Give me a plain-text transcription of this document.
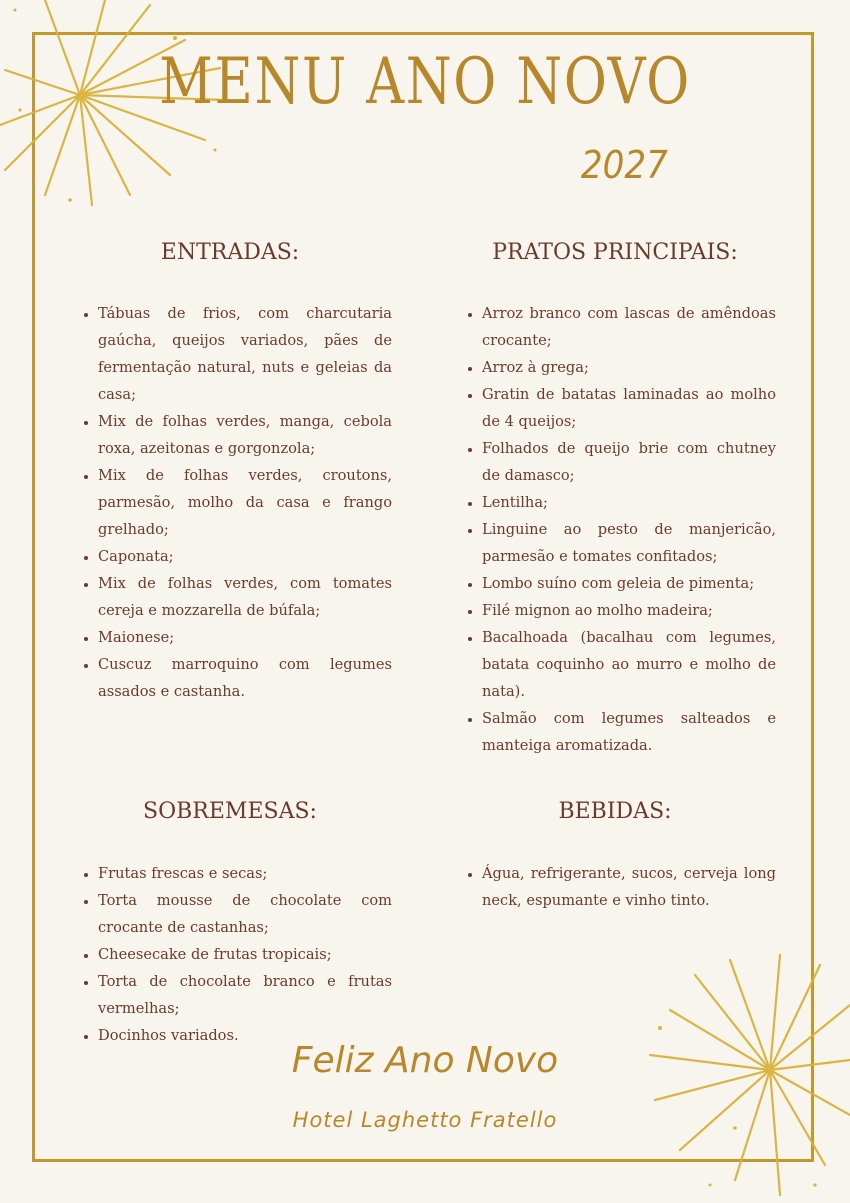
MENU ANO NOVO
2027
ENTRADAS:
• Tábuas de frios, com charcutaria gaúcha, queijos variados, pães de fermentação natural, nuts e geleias da casa;
• Mix de folhas verdes, manga, cebola roxa, azeitonas e gorgonzola;
• Mix de folhas verdes, croutons, parmesão, molho da casa e frango grelhado;
• Caponata;
• Mix de folhas verdes, com tomates cereja e mozzarella de búfala;
• Maionese;
• Cuscuz marroquino com legumes assados e castanha.
PRATOS PRINCIPAIS:
• Arroz branco com lascas de amêndoas crocante;
• Arroz à grega;
• Gratin de batatas laminadas ao molho de 4 queijos;
• Folhados de queijo brie com chutney de damasco;
• Lentilha;
• Linguine ao pesto de manjericão, parmesão e tomates confitados;
• Lombo suíno com geleia de pimenta;
• Filé mignon ao molho madeira;
• Bacalhoada (bacalhau com legumes, batata coquinho ao murro e molho de nata).
• Salmão com legumes salteados e manteiga aromatizada.
SOBREMESAS:
• Frutas frescas e secas;
• Torta mousse de chocolate com crocante de castanhas;
• Cheesecake de frutas tropicais;
• Torta de chocolate branco e frutas vermelhas;
• Docinhos variados.
BEBIDAS:
• Água, refrigerante, sucos, cerveja long neck, espumante e vinho tinto.
Feliz Ano Novo
Hotel Laghetto Fratello
